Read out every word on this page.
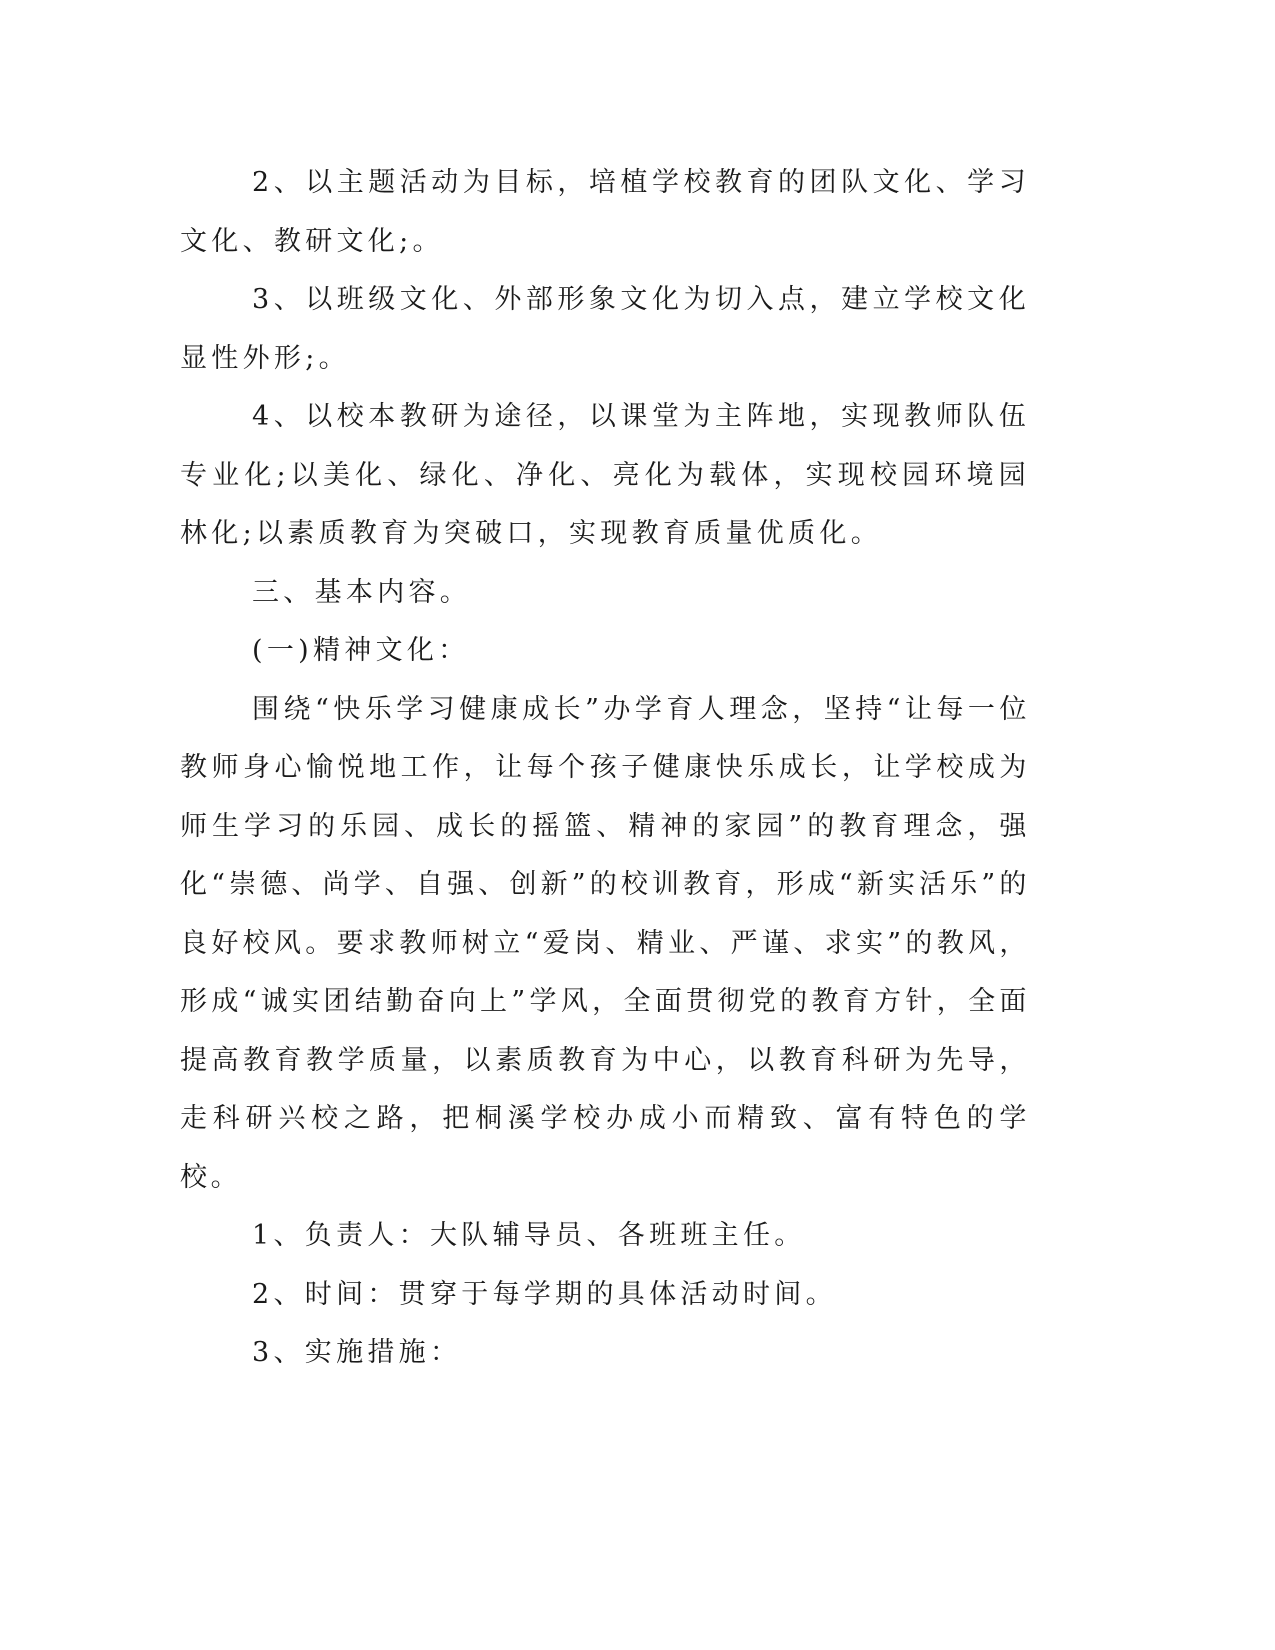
2、以主题活动为目标，培植学校教育的团队文化、学习文化、教研文化;。

3、以班级文化、外部形象文化为切入点，建立学校文化显性外形;。

4、以校本教研为途径，以课堂为主阵地，实现教师队伍专业化;以美化、绿化、净化、亮化为载体，实现校园环境园林化;以素质教育为突破口，实现教育质量优质化。

三、基本内容。

(一)精神文化：

围绕“快乐学习健康成长”办学育人理念，坚持“让每一位教师身心愉悦地工作，让每个孩子健康快乐成长，让学校成为师生学习的乐园、成长的摇篮、精神的家园”的教育理念，强化“崇德、尚学、自强、创新”的校训教育，形成“新实活乐”的良好校风。要求教师树立“爱岗、精业、严谨、求实”的教风，形成“诚实团结勤奋向上”学风，全面贯彻党的教育方针，全面提高教育教学质量，以素质教育为中心，以教育科研为先导，走科研兴校之路，把桐溪学校办成小而精致、富有特色的学校。

1、负责人：大队辅导员、各班班主任。

2、时间：贯穿于每学期的具体活动时间。

3、实施措施：
